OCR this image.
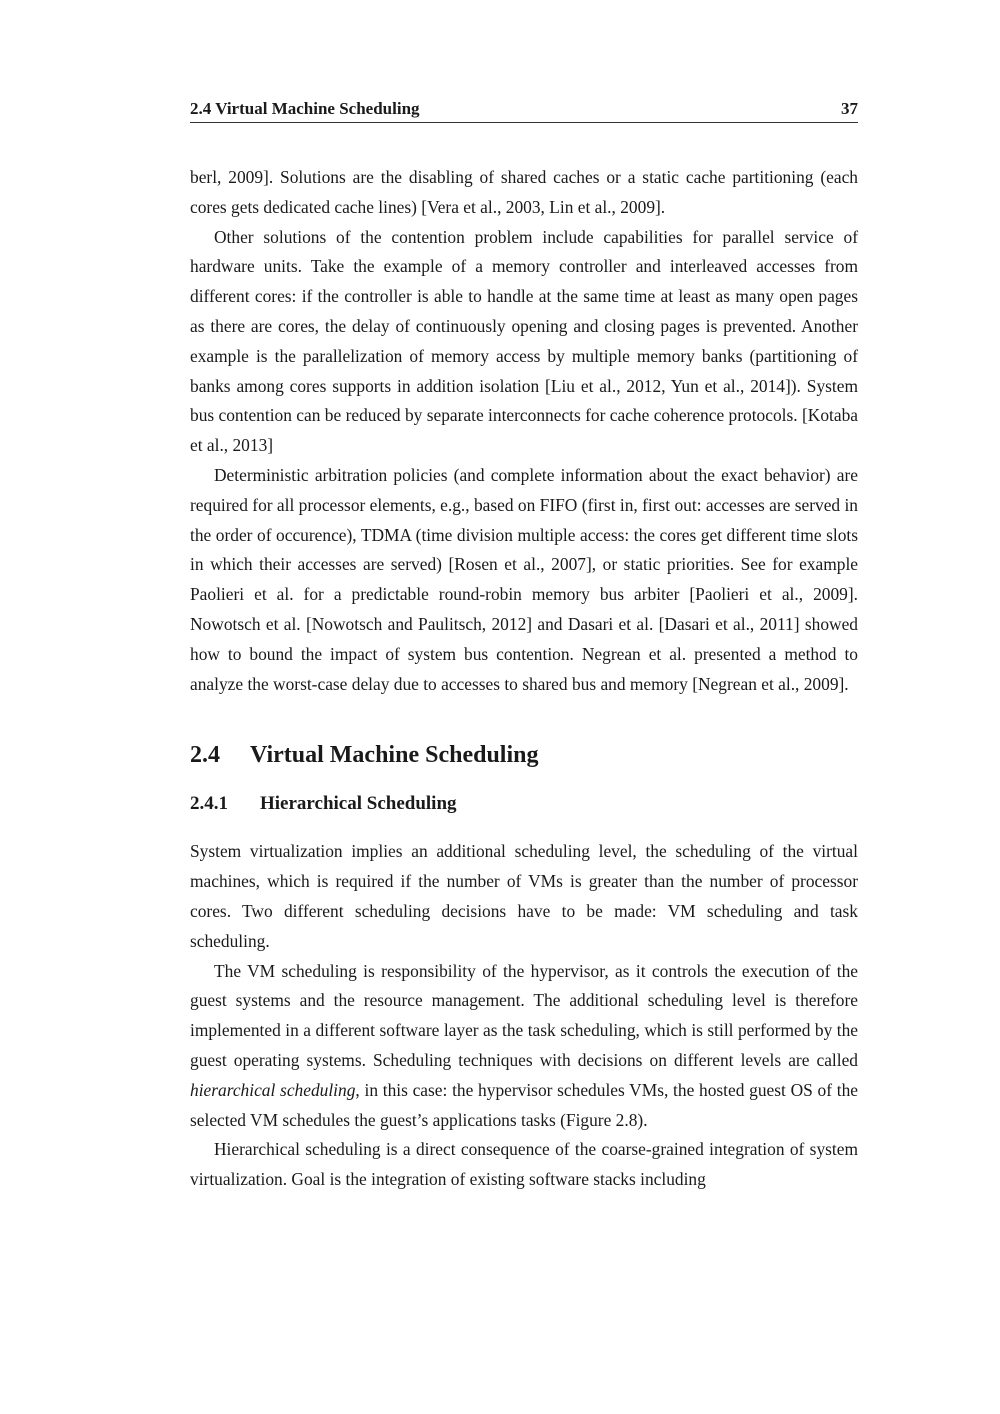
2.4 Virtual Machine Scheduling	37

berl, 2009]. Solutions are the disabling of shared caches or a static cache partitioning (each cores gets dedicated cache lines) [Vera et al., 2003, Lin et al., 2009].

Other solutions of the contention problem include capabilities for parallel service of hardware units. Take the example of a memory controller and interleaved accesses from different cores: if the controller is able to handle at the same time at least as many open pages as there are cores, the delay of continuously opening and closing pages is prevented. Another example is the parallelization of memory access by multiple memory banks (partitioning of banks among cores supports in addition isolation [Liu et al., 2012, Yun et al., 2014]). System bus contention can be reduced by separate interconnects for cache coherence protocols. [Kotaba et al., 2013]

Deterministic arbitration policies (and complete information about the exact behavior) are required for all processor elements, e.g., based on FIFO (first in, first out: accesses are served in the order of occurence), TDMA (time division multiple access: the cores get different time slots in which their accesses are served) [Rosen et al., 2007], or static priorities. See for example Paolieri et al. for a predictable round-robin memory bus arbiter [Paolieri et al., 2009]. Nowotsch et al. [Nowotsch and Paulitsch, 2012] and Dasari et al. [Dasari et al., 2011] showed how to bound the impact of system bus contention. Negrean et al. presented a method to analyze the worst-case delay due to accesses to shared bus and memory [Negrean et al., 2009].

2.4 Virtual Machine Scheduling
2.4.1 Hierarchical Scheduling

System virtualization implies an additional scheduling level, the scheduling of the virtual machines, which is required if the number of VMs is greater than the number of processor cores. Two different scheduling decisions have to be made: VM scheduling and task scheduling.

The VM scheduling is responsibility of the hypervisor, as it controls the execution of the guest systems and the resource management. The additional scheduling level is therefore implemented in a different software layer as the task scheduling, which is still performed by the guest operating systems. Scheduling techniques with decisions on different levels are called hierarchical scheduling, in this case: the hypervisor schedules VMs, the hosted guest OS of the selected VM schedules the guest’s applications tasks (Figure 2.8).

Hierarchical scheduling is a direct consequence of the coarse-grained integration of system virtualization. Goal is the integration of existing software stacks including
